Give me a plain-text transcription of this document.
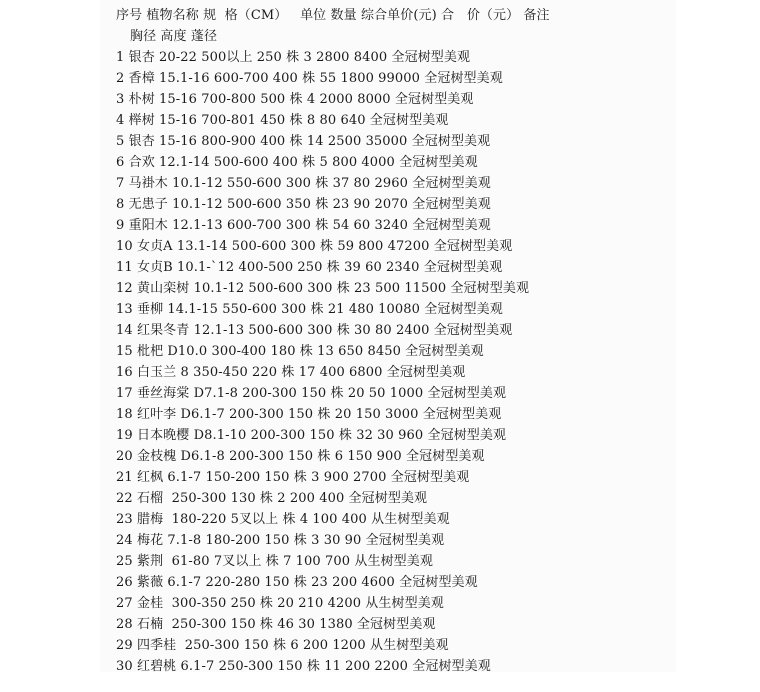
序号 植物名称 规  格（CM）   单位 数量 综合单价(元) 合   价（元） 备注
胸径 高度 蓬径
1 银杏 20-22 500以上 250 株 3 2800 8400 全冠树型美观
2 香樟 15.1-16 600-700 400 株 55 1800 99000 全冠树型美观
3 朴树 15-16 700-800 500 株 4 2000 8000 全冠树型美观
4 榉树 15-16 700-801 450 株 8 80 640 全冠树型美观
5 银杏 15-16 800-900 400 株 14 2500 35000 全冠树型美观
6 合欢 12.1-14 500-600 400 株 5 800 4000 全冠树型美观
7 马褂木 10.1-12 550-600 300 株 37 80 2960 全冠树型美观
8 无患子 10.1-12 500-600 350 株 23 90 2070 全冠树型美观
9 重阳木 12.1-13 600-700 300 株 54 60 3240 全冠树型美观
10 女贞A 13.1-14 500-600 300 株 59 800 47200 全冠树型美观
11 女贞B 10.1-`12 400-500 250 株 39 60 2340 全冠树型美观
12 黄山栾树 10.1-12 500-600 300 株 23 500 11500 全冠树型美观
13 垂柳 14.1-15 550-600 300 株 21 480 10080 全冠树型美观
14 红果冬青 12.1-13 500-600 300 株 30 80 2400 全冠树型美观
15 枇杷 D10.0 300-400 180 株 13 650 8450 全冠树型美观
16 白玉兰 8 350-450 220 株 17 400 6800 全冠树型美观
17 垂丝海棠 D7.1-8 200-300 150 株 20 50 1000 全冠树型美观
18 红叶李 D6.1-7 200-300 150 株 20 150 3000 全冠树型美观
19 日本晚樱 D8.1-10 200-300 150 株 32 30 960 全冠树型美观
20 金枝槐 D6.1-8 200-300 150 株 6 150 900 全冠树型美观
21 红枫 6.1-7 150-200 150 株 3 900 2700 全冠树型美观
22 石榴  250-300 130 株 2 200 400 全冠树型美观
23 腊梅  180-220 5叉以上 株 4 100 400 从生树型美观
24 梅花 7.1-8 180-200 150 株 3 30 90 全冠树型美观
25 紫荆  61-80 7叉以上 株 7 100 700 从生树型美观
26 紫薇 6.1-7 220-280 150 株 23 200 4600 全冠树型美观
27 金桂  300-350 250 株 20 210 4200 从生树型美观
28 石楠  250-300 150 株 46 30 1380 全冠树型美观
29 四季桂  250-300 150 株 6 200 1200 从生树型美观
30 红碧桃 6.1-7 250-300 150 株 11 200 2200 全冠树型美观
